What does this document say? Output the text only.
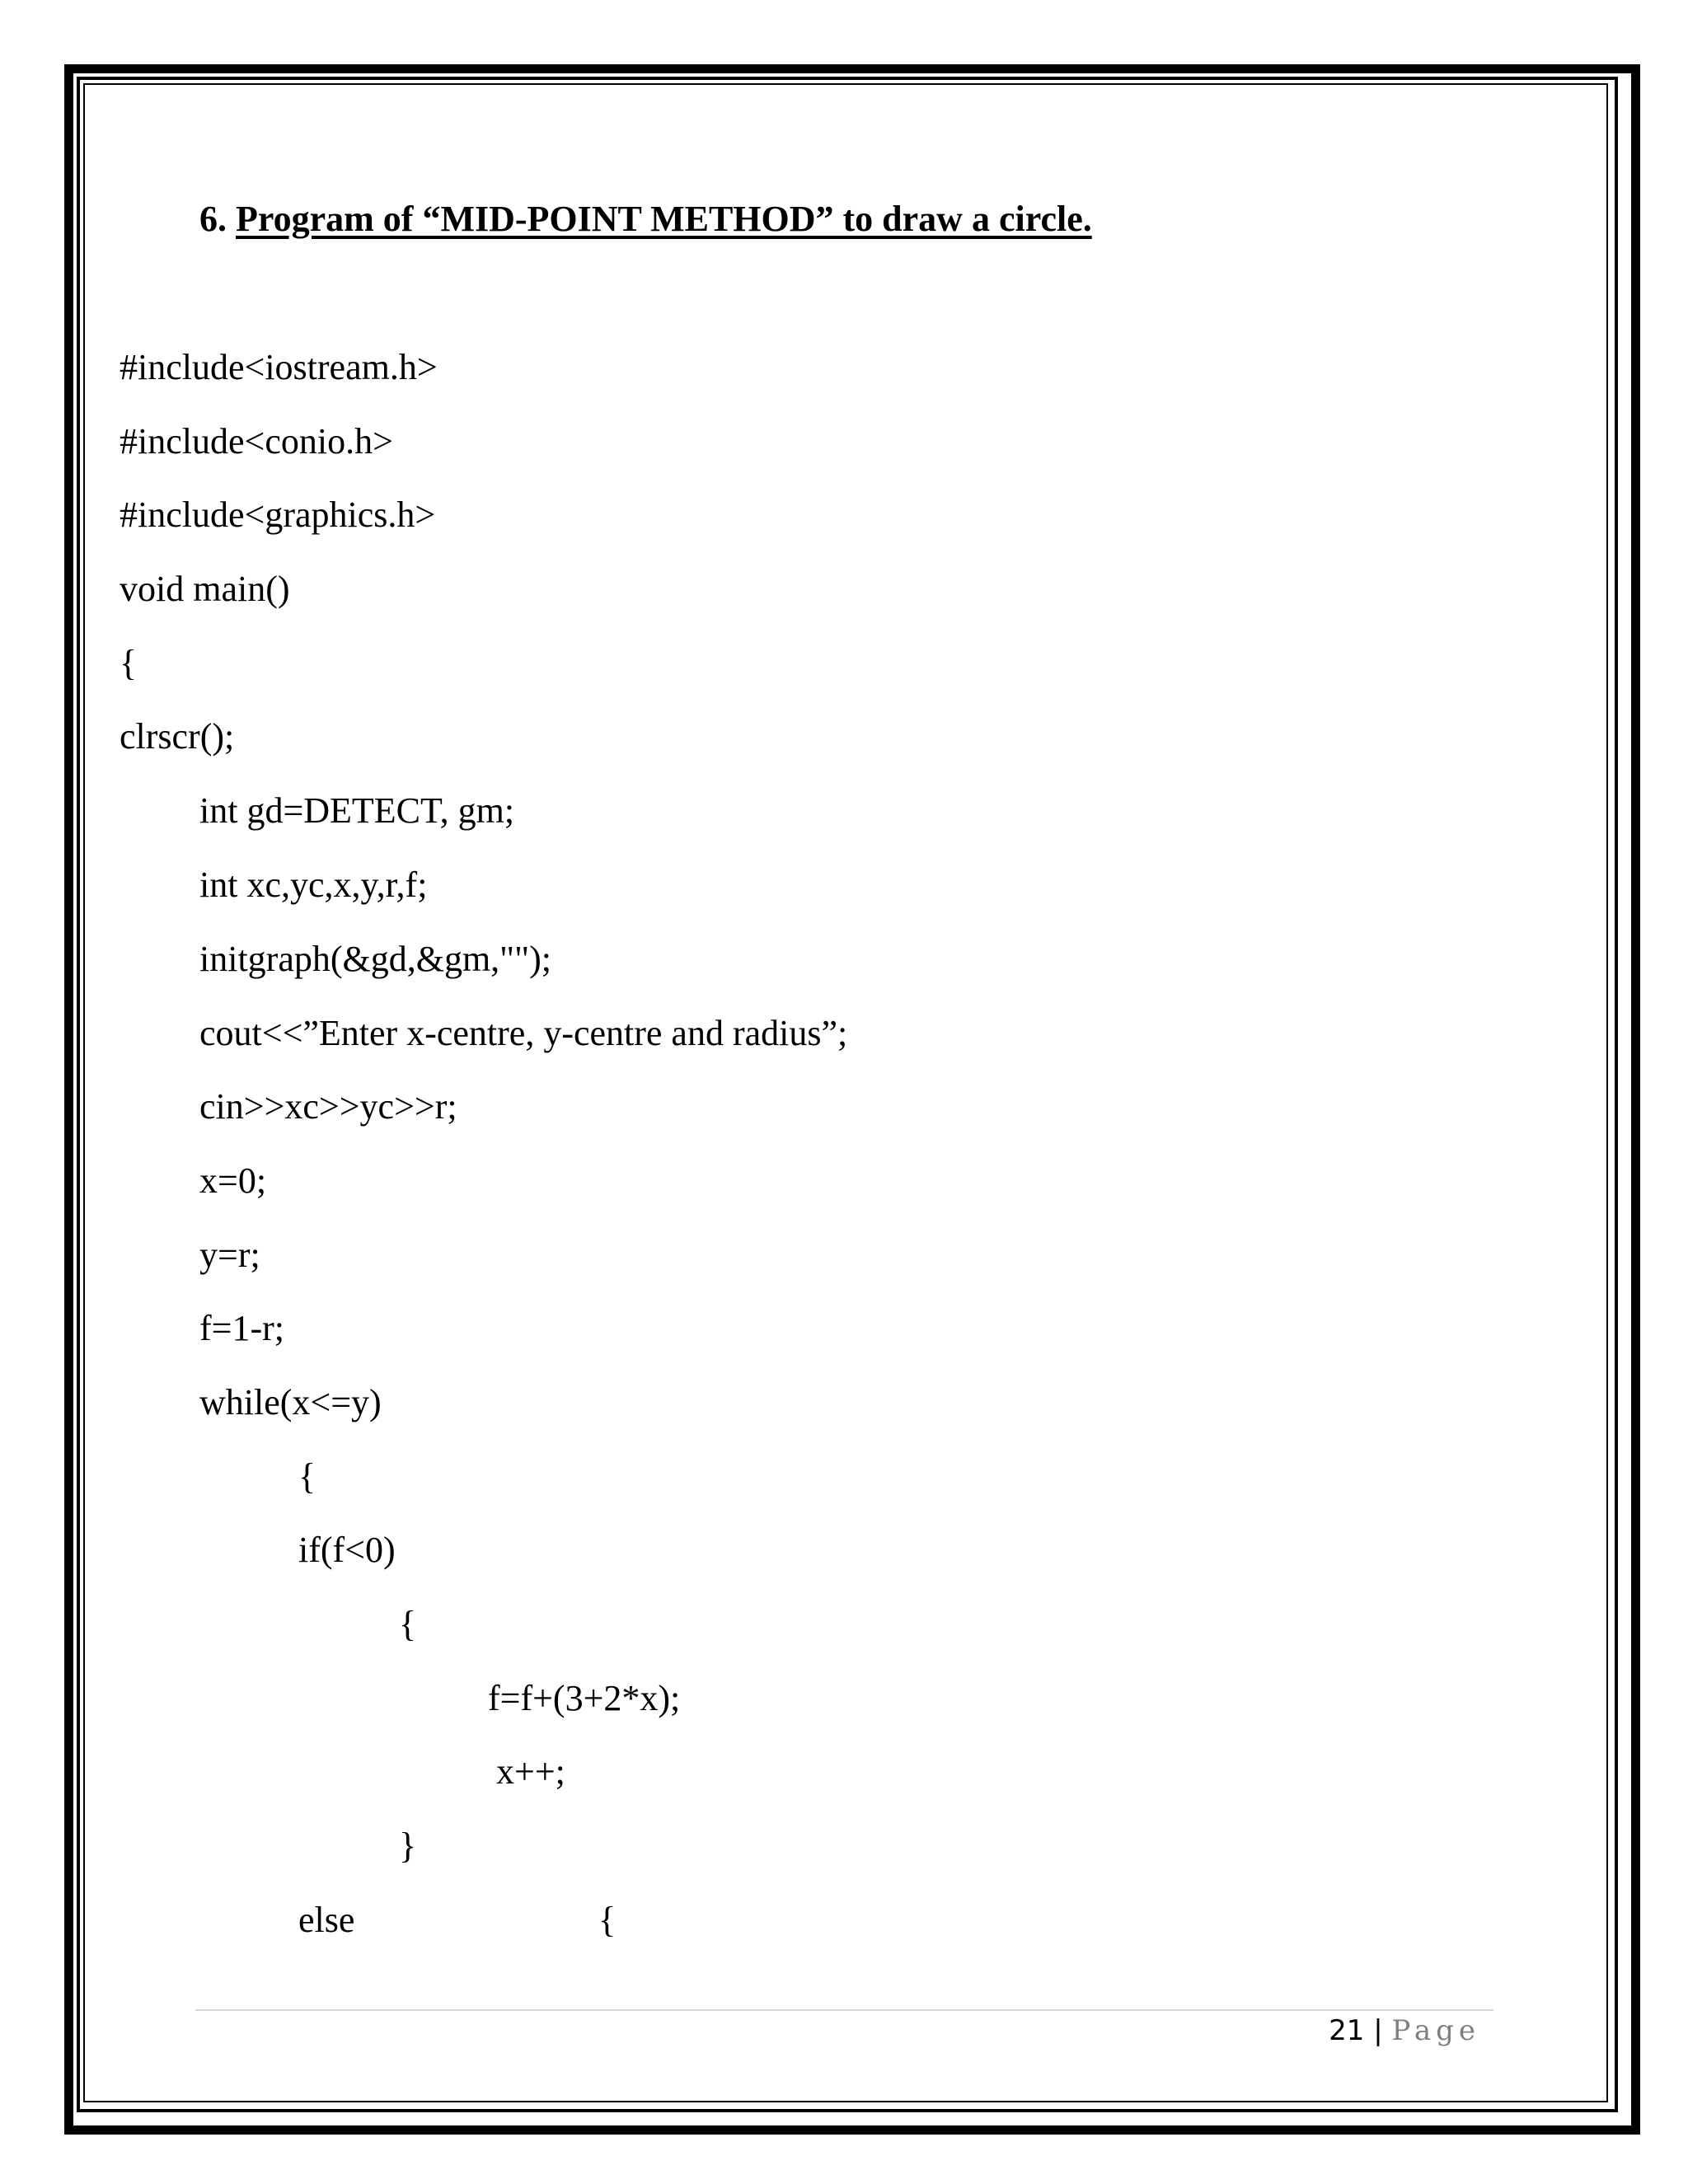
6. Program of “MID-POINT METHOD” to draw a circle.
#include<iostream.h>
#include<conio.h>
#include<graphics.h>
void main()
{
clrscr();
int gd=DETECT, gm;
int xc,yc,x,y,r,f;
initgraph(&gd,&gm,"");
cout<<”Enter x-centre, y-centre and radius”;
cin>>xc>>yc>>r;
x=0;
y=r;
f=1-r;
while(x<=y)
{
if(f<0)
{
f=f+(3+2*x);
x++;
}
else	{
21 | Page
